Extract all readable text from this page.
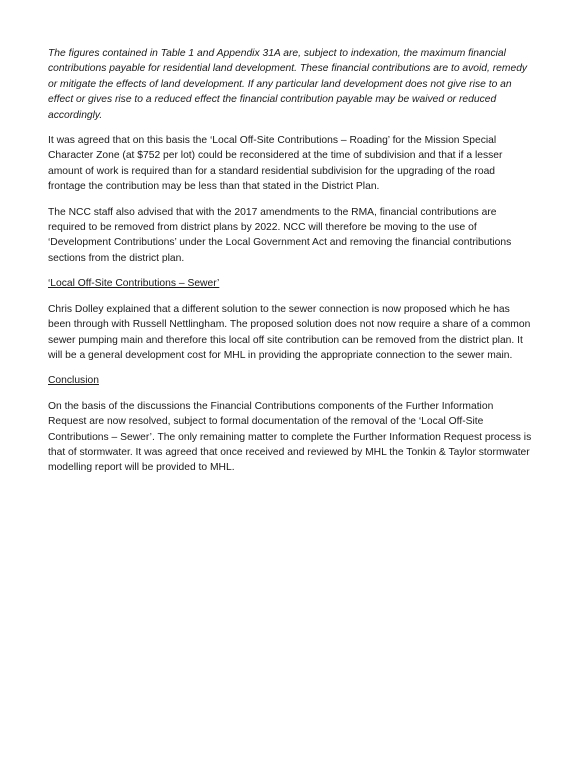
The figures contained in Table 1 and Appendix 31A are, subject to indexation, the maximum financial contributions payable for residential land development. These financial contributions are to avoid, remedy or mitigate the effects of land development. If any particular land development does not give rise to an effect or gives rise to a reduced effect the financial contribution payable may be waived or reduced accordingly.

It was agreed that on this basis the ‘Local Off-Site Contributions – Roading’ for the Mission Special Character Zone (at $752 per lot) could be reconsidered at the time of subdivision and that if a lesser amount of work is required than for a standard residential subdivision for the upgrading of the road frontage the contribution may be less than that stated in the District Plan.

The NCC staff also advised that with the 2017 amendments to the RMA, financial contributions are required to be removed from district plans by 2022. NCC will therefore be moving to the use of ‘Development Contributions’ under the Local Government Act and removing the financial contributions sections from the district plan.

‘Local Off-Site Contributions – Sewer’

Chris Dolley explained that a different solution to the sewer connection is now proposed which he has been through with Russell Nettlingham. The proposed solution does not now require a share of a common sewer pumping main and therefore this local off site contribution can be removed from the district plan. It will be a general development cost for MHL in providing the appropriate connection to the sewer main.

Conclusion

On the basis of the discussions the Financial Contributions components of the Further Information Request are now resolved, subject to formal documentation of the removal of the ‘Local Off-Site Contributions – Sewer’. The only remaining matter to complete the Further Information Request process is that of stormwater. It was agreed that once received and reviewed by MHL the Tonkin & Taylor stormwater modelling report will be provided to MHL.
